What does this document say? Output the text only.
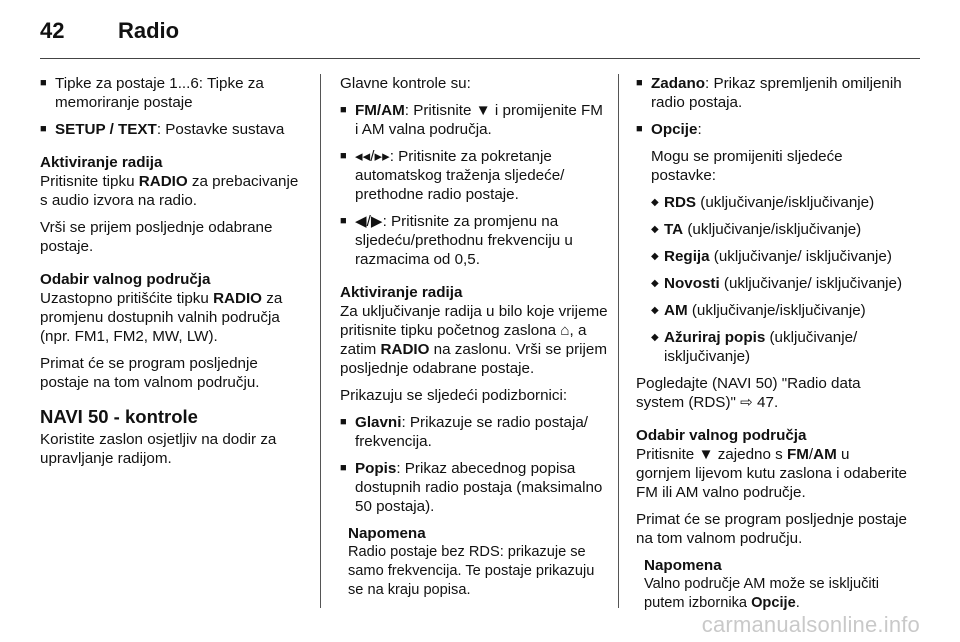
42	Radio
■ Tipke za postaje 1...6: Tipke za memoriranje postaje
■ SETUP / TEXT: Postavke sustava
Aktiviranje radija

Pritisnite tipku RADIO za prebacivanje s audio izvora na radio.

Vrši se prijem posljednje odabrane postaje.

Odabir valnog područja

Uzastopno pritišćite tipku RADIO za promjenu dostupnih valnih područja (npr. FM1, FM2, MW, LW).

Primat će se program posljednje postaje na tom valnom području.

NAVI 50 - kontrole

Koristite zaslon osjetljiv na dodir za upravljanje radijom.

Glavne kontrole su:

■ FM/AM: Pritisnite ▼ i promijenite FM i AM valna područja.
■ ◂◂/▸▸: Pritisnite za pokretanje automatskog traženja sljedeće/ prethodne radio postaje.
■ ◀/▶: Pritisnite za promjenu na sljedeću/prethodnu frekvenciju u razmacima od 0,5.
Aktiviranje radija

Za uključivanje radija u bilo koje vrijeme pritisnite tipku početnog zaslona ⌂, a zatim RADIO na zaslonu. Vrši se prijem posljednje odabrane postaje.

Prikazuju se sljedeći podizbornici:

■ Glavni: Prikazuje se radio postaja/ frekvencija.
■ Popis: Prikaz abecednog popisa dostupnih radio postaja (maksimalno 50 postaja).
Napomena
Radio postaje bez RDS: prikazuje se samo frekvencija. Te postaje prikazuju se na kraju popisa.
■ Zadano: Prikaz spremljenih omiljenih radio postaja.
■ Opcije:

Mogu se promijeniti sljedeće postavke:

◆ RDS (uključivanje/isključivanje)
◆ TA (uključivanje/isključivanje)
◆ Regija (uključivanje/ isključivanje)
◆ Novosti (uključivanje/ isključivanje)
◆ AM (uključivanje/isključivanje)
◆ Ažuriraj popis (uključivanje/ isključivanje)

Pogledajte (NAVI 50) "Radio data system (RDS)" ⇨ 47.

Odabir valnog područja

Pritisnite ▼ zajedno s FM/AM u gornjem lijevom kutu zaslona i odaberite FM ili AM valno područje.

Primat će se program posljednje postaje na tom valnom području.

Napomena
Valno područje AM može se isključiti putem izbornika Opcije.
carmanualsonline.info
